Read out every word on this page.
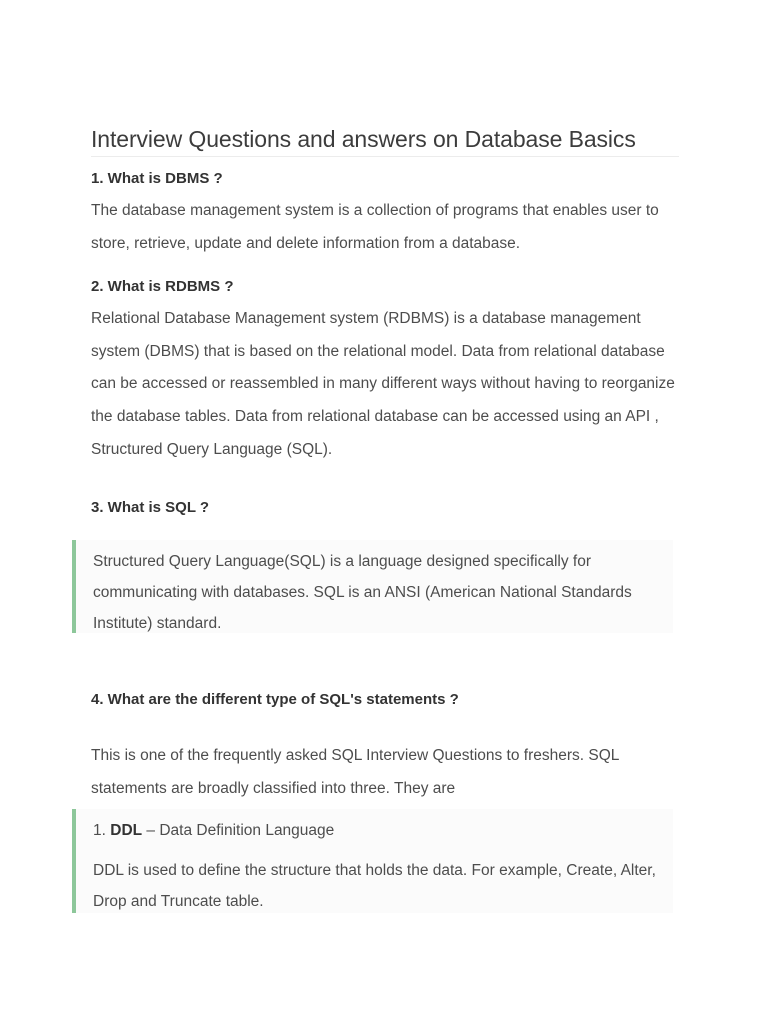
Interview Questions and answers on Database Basics
1. What is DBMS ?

The database management system is a collection of programs that enables user to store, retrieve, update and delete information from a database.

2. What is RDBMS ?

Relational Database Management system (RDBMS) is a database management system (DBMS) that is based on the relational model. Data from relational database can be accessed or reassembled in many different ways without having to reorganize the database tables. Data from relational database can be accessed using an API , Structured Query Language (SQL).

3. What is SQL ?

Structured Query Language(SQL) is a language designed specifically for communicating with databases. SQL is an ANSI (American National Standards Institute) standard.

4. What are the different type of SQL's statements ?

This is one of the frequently asked SQL Interview Questions to freshers. SQL statements are broadly classified into three. They are

1. DDL – Data Definition Language

DDL is used to define the structure that holds the data. For example, Create, Alter, Drop and Truncate table.
